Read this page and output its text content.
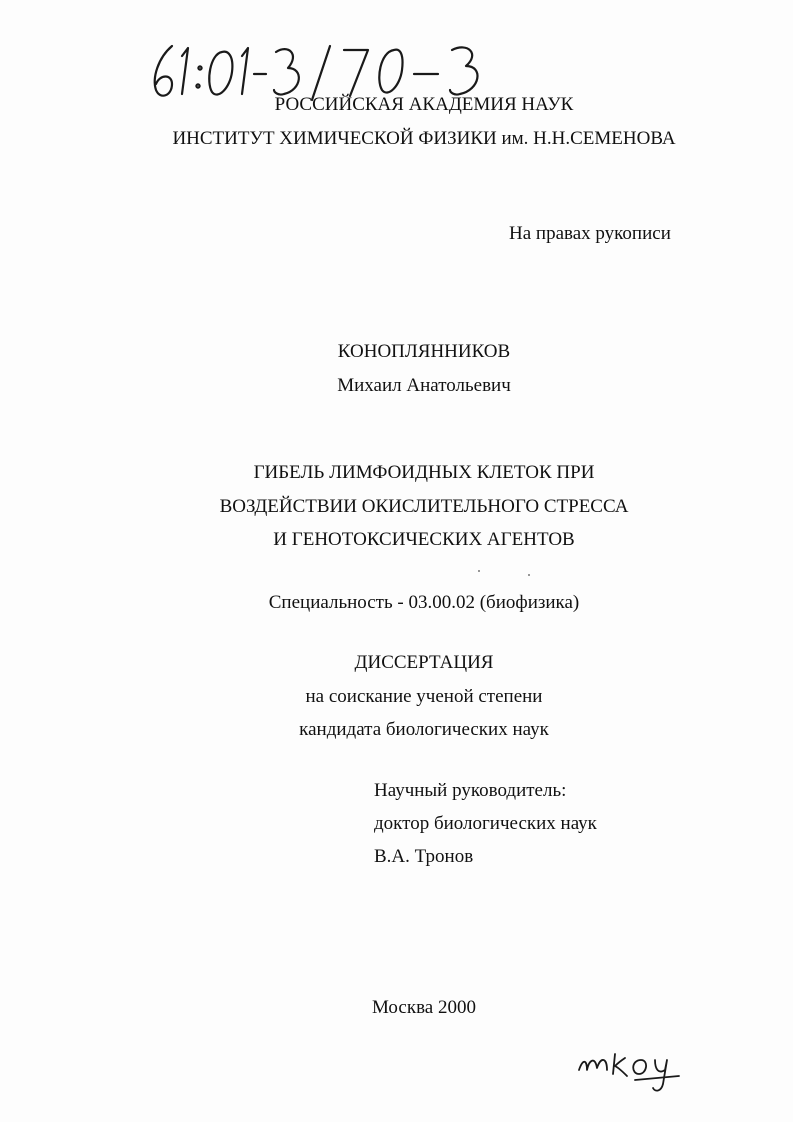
РОССИЙСКАЯ АКАДЕМИЯ НАУК
ИНСТИТУТ ХИМИЧЕСКОЙ ФИЗИКИ им. Н.Н.СЕМЕНОВА
На правах рукописи
КОНОПЛЯННИКОВ
Михаил Анатольевич
ГИБЕЛЬ ЛИМФОИДНЫХ КЛЕТОК ПРИ
ВОЗДЕЙСТВИИ ОКИСЛИТЕЛЬНОГО СТРЕССА
И ГЕНОТОКСИЧЕСКИХ АГЕНТОВ
Специальность - 03.00.02 (биофизика)
ДИССЕРТАЦИЯ
на соискание ученой степени
кандидата биологических наук
Научный руководитель:
доктор биологических наук
В.А. Тронов
Москва 2000
